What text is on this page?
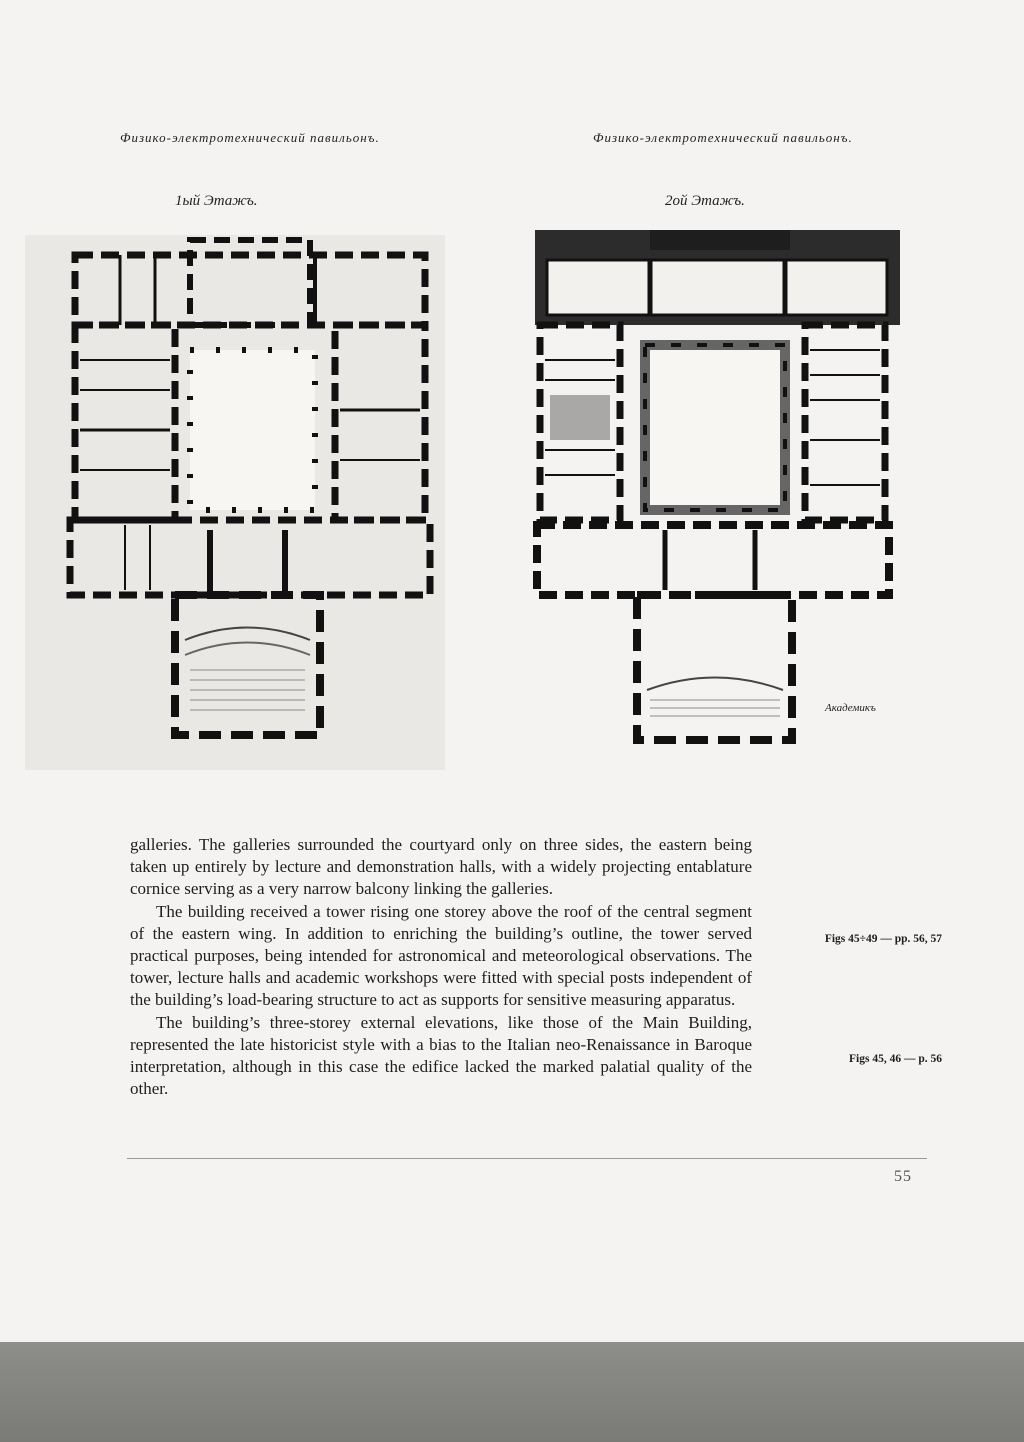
Физико-электротехнический павильонъ.
1ый Этажъ.
Физико-электротехнический павильонъ.
2ой Этажъ.
Академикъ

galleries. The galleries surrounded the courtyard only on three sides, the eastern being taken up entirely by lecture and demonstration halls, with a widely projecting entablature cornice serving as a very narrow balcony linking the galleries.

The building received a tower rising one storey above the roof of the central segment of the eastern wing. In addition to enriching the building’s outline, the tower served practical purposes, being intended for astronomical and meteorological observations. The tower, lecture halls and academic workshops were fitted with special posts independent of the building’s load-bearing structure to act as supports for sensitive measuring apparatus.

The building’s three-storey external elevations, like those of the Main Building, represented the late historicist style with a bias to the Italian neo-Renaissance in Baroque interpretation, although in this case the edifice lacked the marked palatial quality of the other.

Figs 45÷49 — pp. 56, 57
Figs 45, 46 — p. 56
55
